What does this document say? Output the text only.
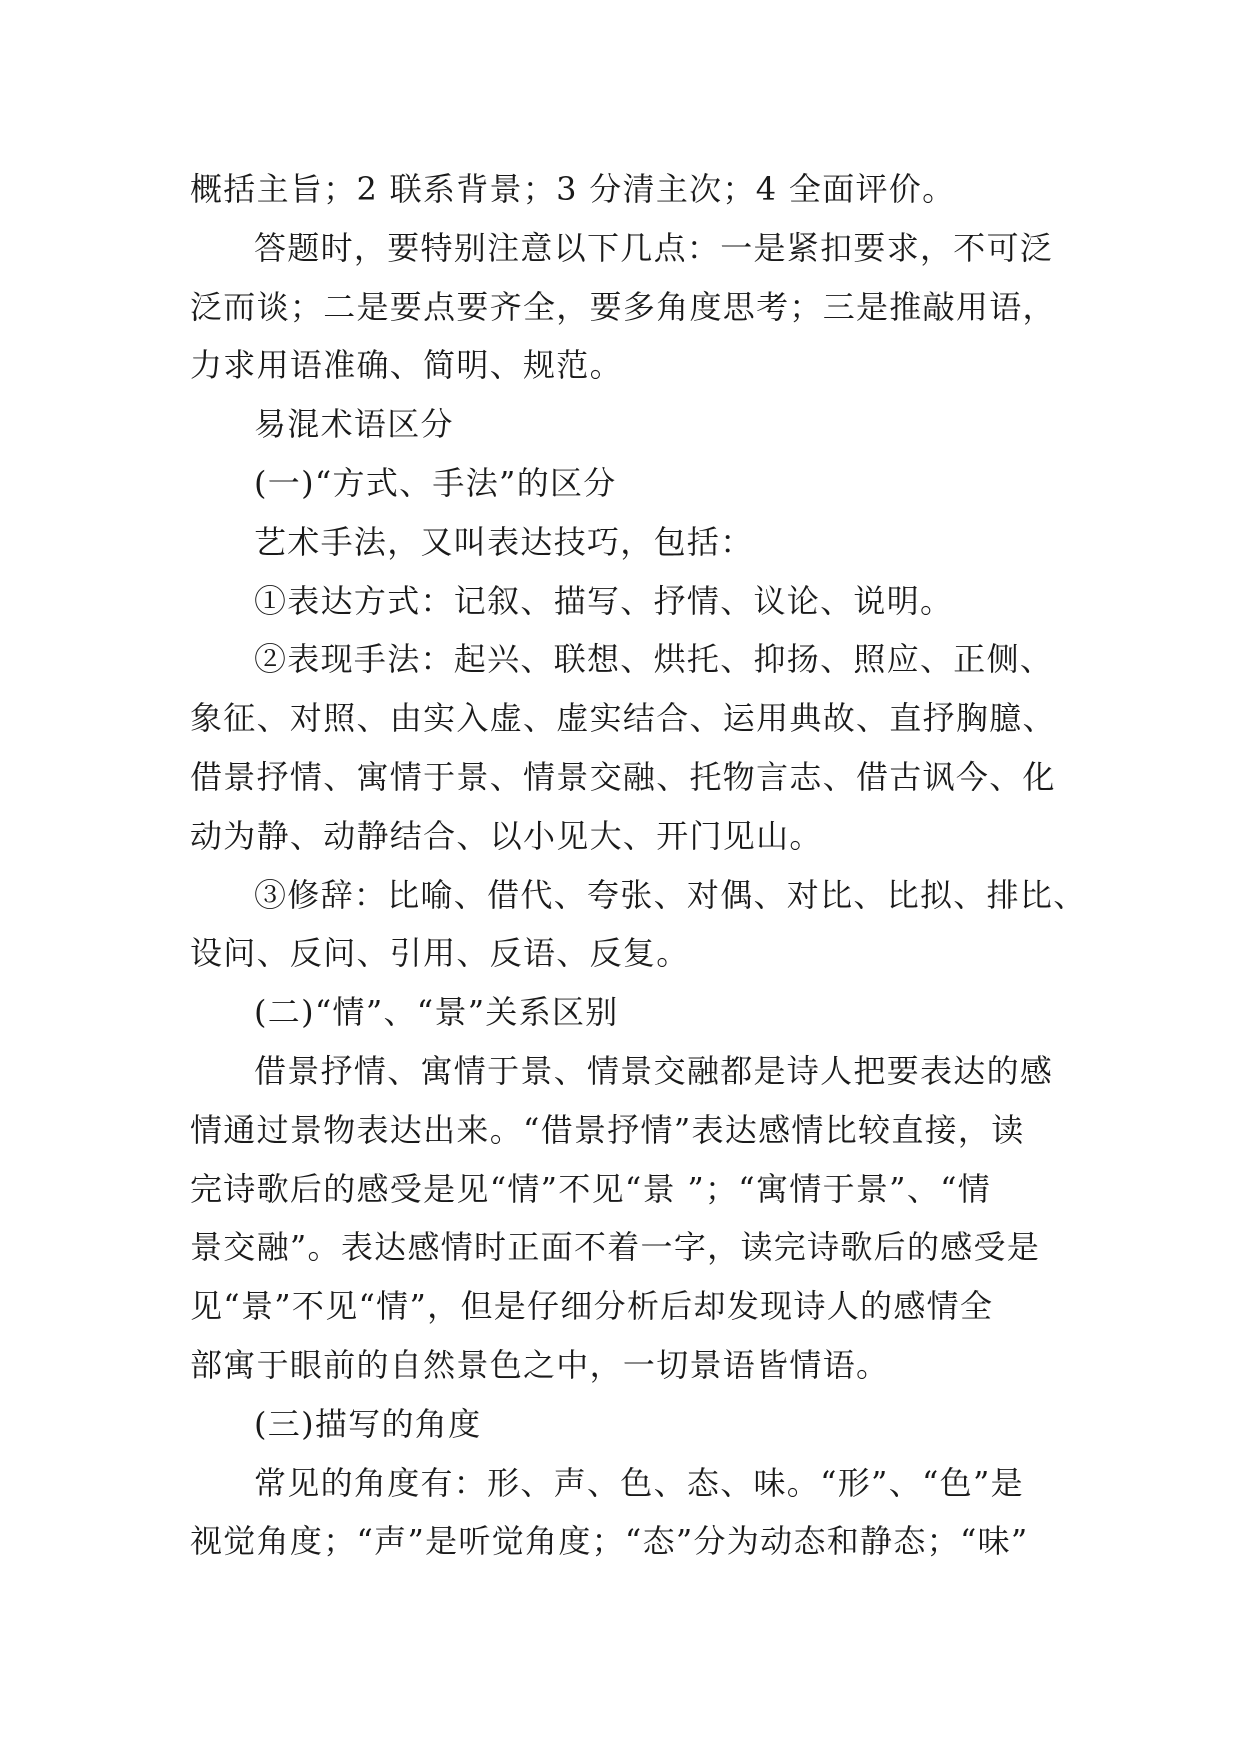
概括主旨；2 联系背景；3 分清主次；4 全面评价。
答题时，要特别注意以下几点：一是紧扣要求，不可泛
泛而谈；二是要点要齐全，要多角度思考；三是推敲用语，
力求用语准确、简明、规范。
易混术语区分
(一)“方式、手法”的区分
艺术手法，又叫表达技巧，包括：
①表达方式：记叙、描写、抒情、议论、说明。
②表现手法：起兴、联想、烘托、抑扬、照应、正侧、
象征、对照、由实入虚、虚实结合、运用典故、直抒胸臆、
借景抒情、寓情于景、情景交融、托物言志、借古讽今、化
动为静、动静结合、以小见大、开门见山。
③修辞：比喻、借代、夸张、对偶、对比、比拟、排比、
设问、反问、引用、反语、反复。
(二)“情”、“景”关系区别
借景抒情、寓情于景、情景交融都是诗人把要表达的感
情通过景物表达出来。“借景抒情”表达感情比较直接，读
完诗歌后的感受是见“情”不见“景 ”；“寓情于景”、“情
景交融”。表达感情时正面不着一字，读完诗歌后的感受是
见“景”不见“情”，但是仔细分析后却发现诗人的感情全
部寓于眼前的自然景色之中，一切景语皆情语。
(三)描写的角度
常见的角度有：形、声、色、态、味。“形”、“色”是
视觉角度；“声”是听觉角度；“态”分为动态和静态；“味”
